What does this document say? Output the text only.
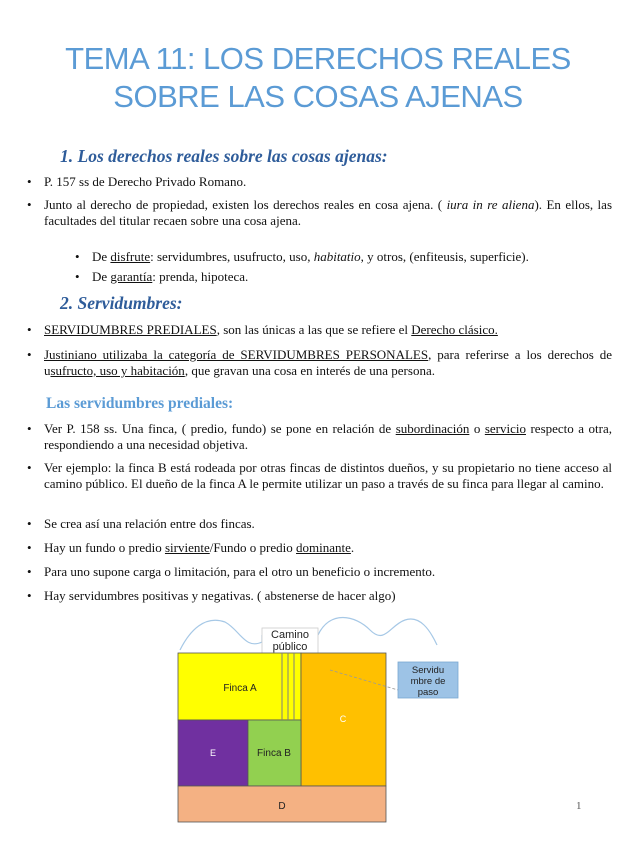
TEMA 11: LOS DERECHOS REALES
SOBRE LAS COSAS AJENAS
1. Los derechos reales sobre las cosas ajenas:
• P. 157 ss de Derecho Privado Romano.
• Junto al derecho de propiedad, existen los derechos reales en cosa ajena. ( iura in re aliena). En ellos, las facultades del titular recaen sobre una cosa ajena.
• De disfrute: servidumbres, usufructo, uso, habitatio, y otros, (enfiteusis, superficie).
• De garantía: prenda, hipoteca.
2. Servidumbres:
• SERVIDUMBRES PREDIALES, son las únicas a las que se refiere el Derecho clásico.
• Justiniano utilizaba la categoría de SERVIDUMBRES PERSONALES, para referirse a los derechos de usufructo, uso y habitación, que gravan una cosa en interés de una persona.
Las servidumbres prediales:
• Ver P. 158 ss. Una finca, ( predio, fundo) se pone en relación de subordinación o servicio respecto a otra, respondiendo a una necesidad objetiva.
• Ver ejemplo: la finca B está rodeada por otras fincas de distintos dueños, y su propietario no tiene acceso al camino público. El dueño de la finca A le permite utilizar un paso a través de su finca para llegar al camino.
• Se crea así una relación entre dos fincas.
• Hay un fundo o predio sirviente/Fundo o predio dominante.
• Para uno supone carga o limitación, para el otro un beneficio o incremento.
• Hay servidumbres positivas y negativas. ( abstenerse de hacer algo)
Camino
público
Finca A
C
E	Finca B
D
Servidu
mbre de
paso
1
